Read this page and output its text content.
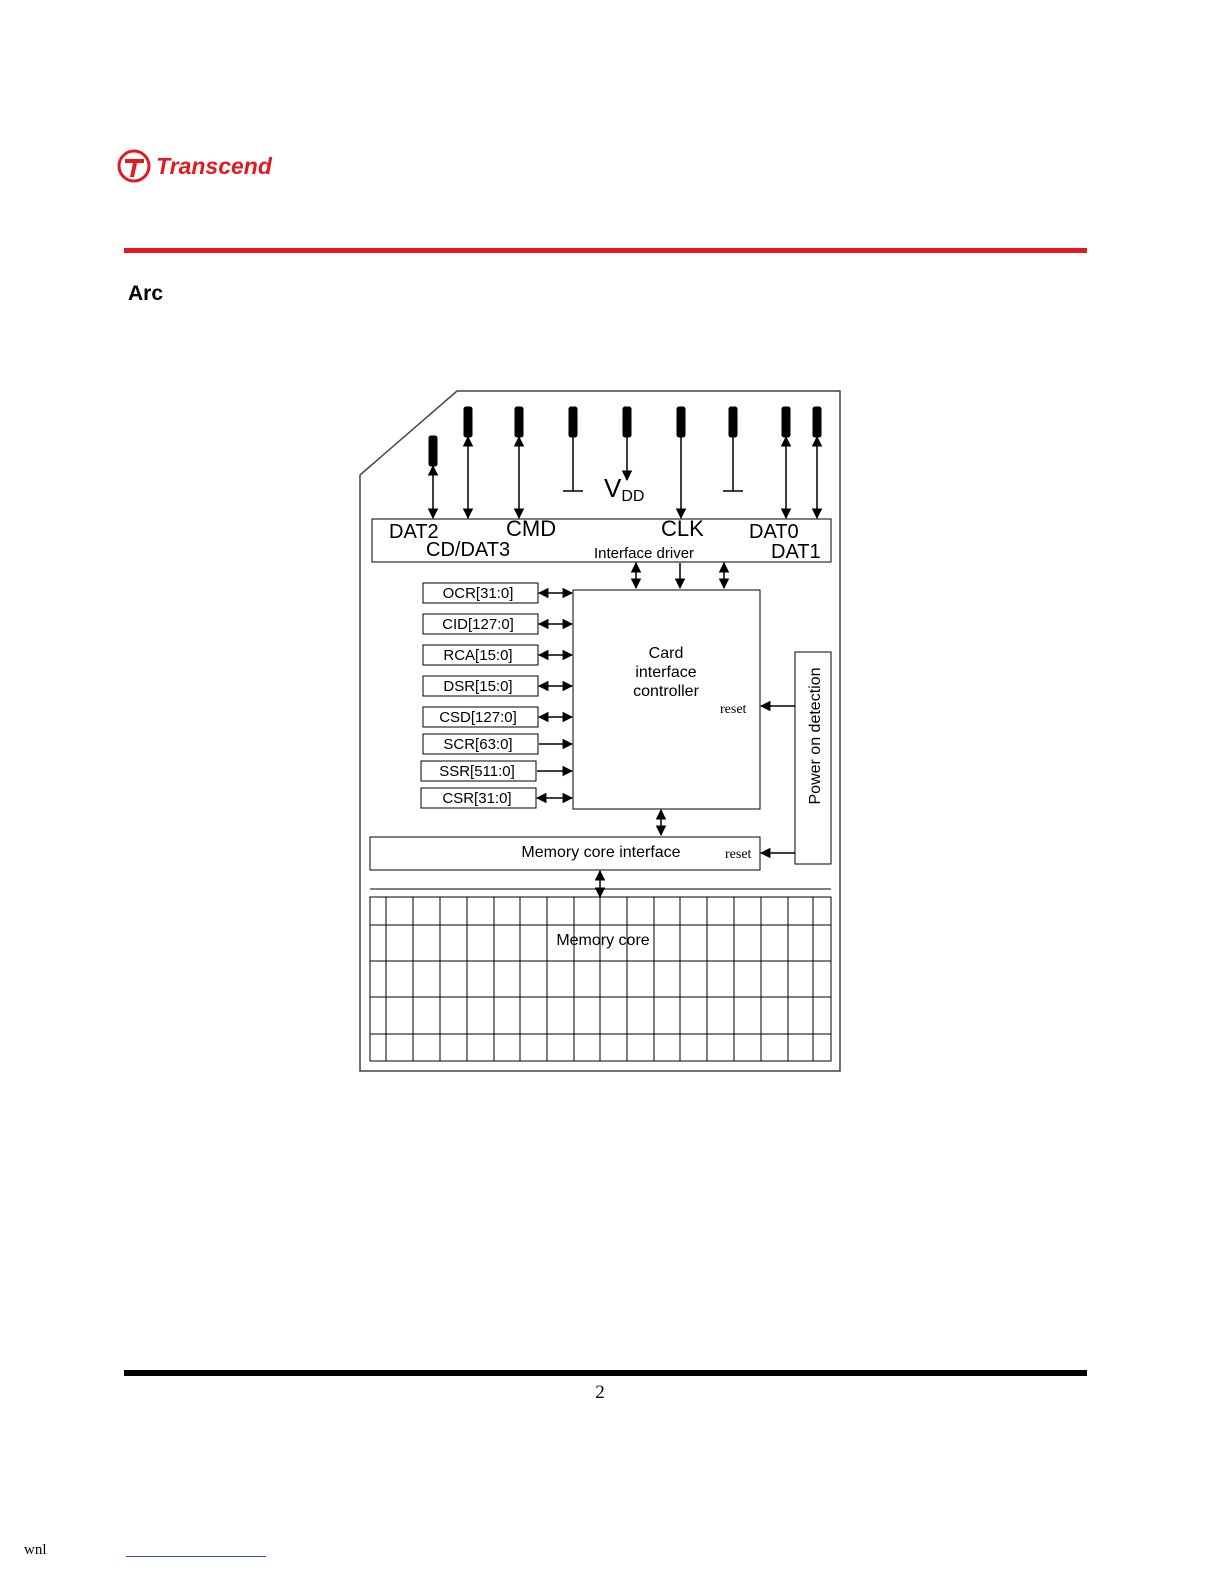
Transcend
Arc
VDD
DAT2	CMD	CLK DAT0
CD/DAT3	DAT1
Interface driver
Card
interface
controller
reset
OCR[31:0]
CID[127:0]
RCA[15:0]
DSR[15:0]
CSD[127:0]
SCR[63:0]
SSR[511:0]
CSR[31:0]	Power on detection
Memory core interface	reset
Memory core
2
wnl
